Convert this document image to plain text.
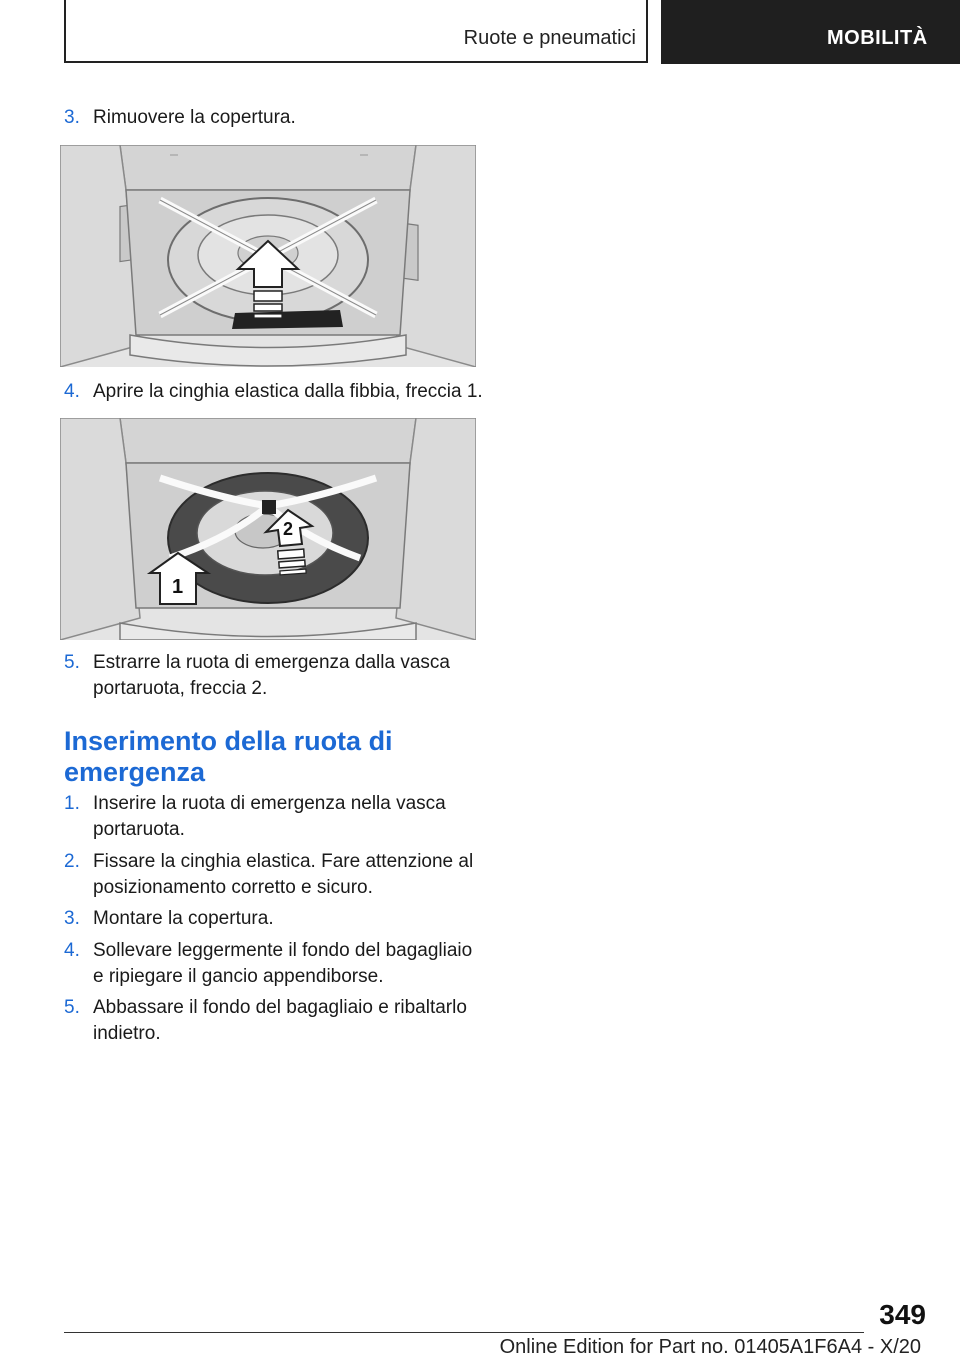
Ruote e pneumatici	MOBILITÀ
3. Rimuovere la copertura.
4. Aprire la cinghia elastica dalla fibbia, freccia 1.
2
1
5. Estrarre la ruota di emergenza dalla vasca portaruota, freccia 2.
Inserimento della ruota di emergenza
1. Inserire la ruota di emergenza nella vasca portaruota.
2. Fissare la cinghia elastica. Fare attenzione al posizionamento corretto e sicuro.
3. Montare la copertura.
4. Sollevare leggermente il fondo del bagagliaio e ripiegare il gancio appendiborse.
5. Abbassare il fondo del bagagliaio e ribaltarlo indietro.
349
Online Edition for Part no. 01405A1F6A4 - X/20
